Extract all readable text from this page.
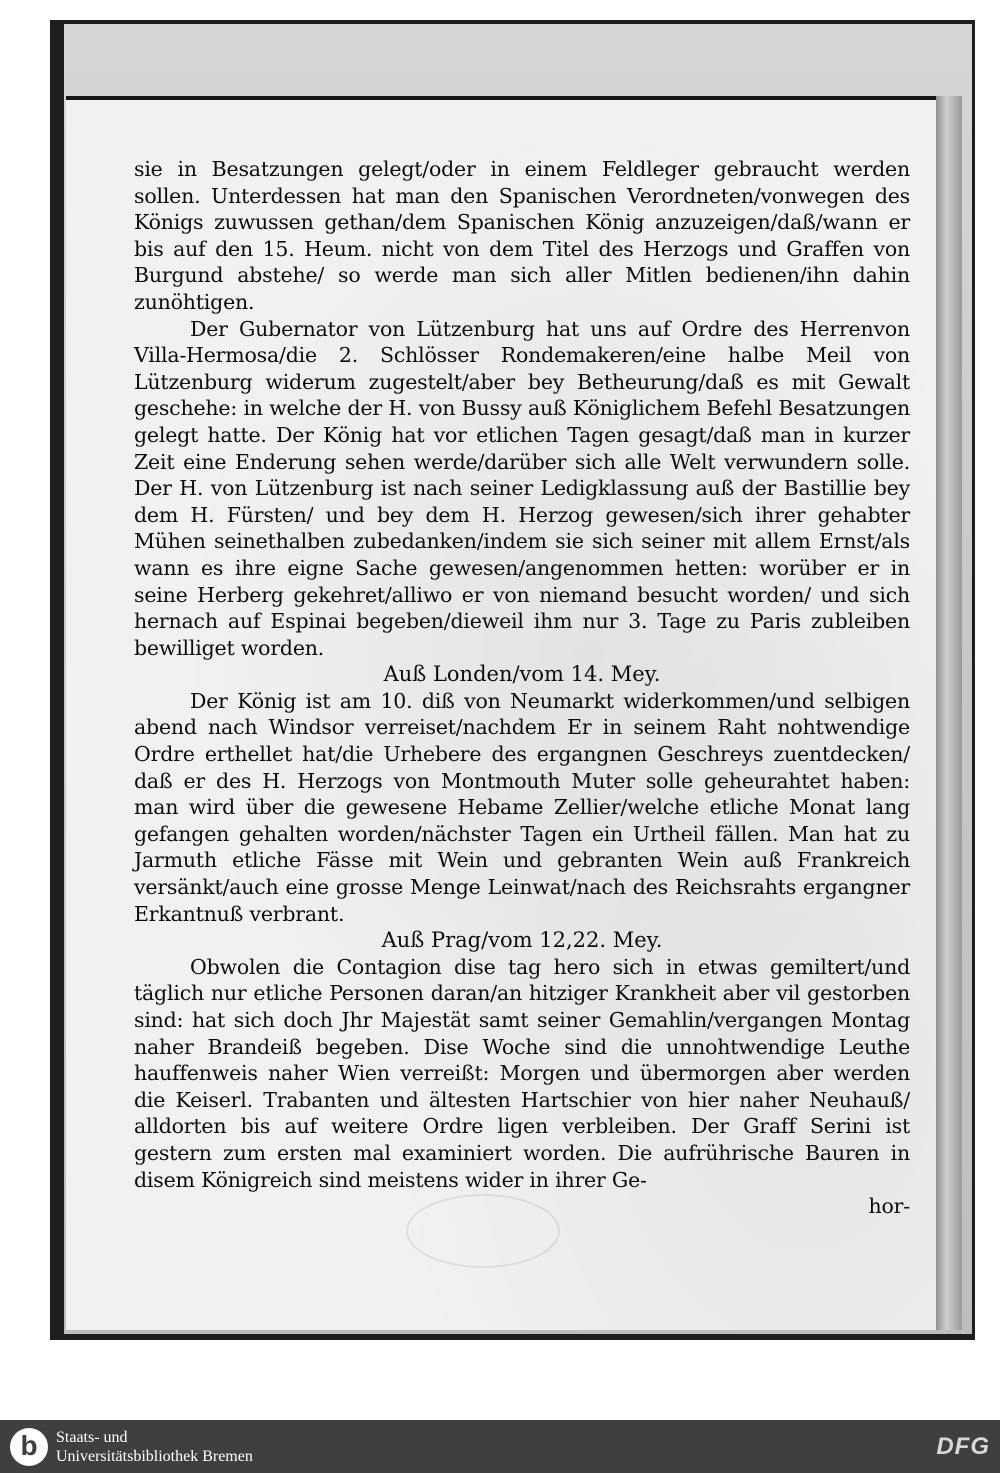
sie in Besatzungen gelegt/oder in einem Feldleger gebraucht werden sollen. Unterdessen hat man den Spanischen Verordneten/vonwegen des Königs zuwussen gethan/dem Spanischen König anzuzeigen/daß/wann er bis auf den 15. Heum. nicht von dem Titel des Herzogs und Graffen von Burgund abstehe/ so werde man sich aller Mitlen bedienen/ihn dahin zunöhtigen.

Der Gubernator von Lützenburg hat uns auf Ordre des Herrenvon Villa-Hermosa/die 2. Schlösser Rondemakeren/eine halbe Meil von Lützenburg widerum zugestelt/aber bey Betheurung/daß es mit Gewalt geschehe: in welche der H. von Bussy auß Königlichem Befehl Besatzungen gelegt hatte. Der König hat vor etlichen Tagen gesagt/daß man in kurzer Zeit eine Enderung sehen werde/darüber sich alle Welt verwundern solle. Der H. von Lützenburg ist nach seiner Ledigklassung auß der Bastillie bey dem H. Fürsten/ und bey dem H. Herzog gewesen/sich ihrer gehabter Mühen seinethalben zubedanken/indem sie sich seiner mit allem Ernst/als wann es ihre eigne Sache gewesen/angenommen hetten: worüber er in seine Herberg gekehret/alliwo er von niemand besucht worden/ und sich hernach auf Espinai begeben/dieweil ihm nur 3. Tage zu Paris zubleiben bewilliget worden.

Auß Londen/vom 14. Mey.

Der König ist am 10. diß von Neumarkt widerkommen/und selbigen abend nach Windsor verreiset/nachdem Er in seinem Raht nohtwendige Ordre erthellet hat/die Urhebere des ergangnen Geschreys zuentdecken/ daß er des H. Herzogs von Montmouth Muter solle geheurahtet haben: man wird über die gewesene Hebame Zellier/welche etliche Monat lang gefangen gehalten worden/nächster Tagen ein Urtheil fällen. Man hat zu Jarmuth etliche Fässe mit Wein und gebranten Wein auß Frankreich versänkt/auch eine grosse Menge Leinwat/nach des Reichsrahts ergangner Erkantnuß verbrant.

Auß Prag/vom 12,22. Mey.

Obwolen die Contagion dise tag hero sich in etwas gemiltert/und täglich nur etliche Personen daran/an hitziger Krankheit aber vil gestorben sind: hat sich doch Jhr Majestät samt seiner Gemahlin/vergangen Montag naher Brandeiß begeben. Dise Woche sind die unnohtwendige Leuthe hauffenweis naher Wien verreißt: Morgen und übermorgen aber werden die Keiserl. Trabanten und ältesten Hartschier von hier naher Neuhauß/ alldorten bis auf weitere Ordre ligen verbleiben. Der Graff Serini ist gestern zum ersten mal examiniert worden. Die aufrührische Bauren in disem Königreich sind meistens wider in ihrer Ge-

hor-

b	Staats- und
Universitätsbibliothek Bremen	DFG
